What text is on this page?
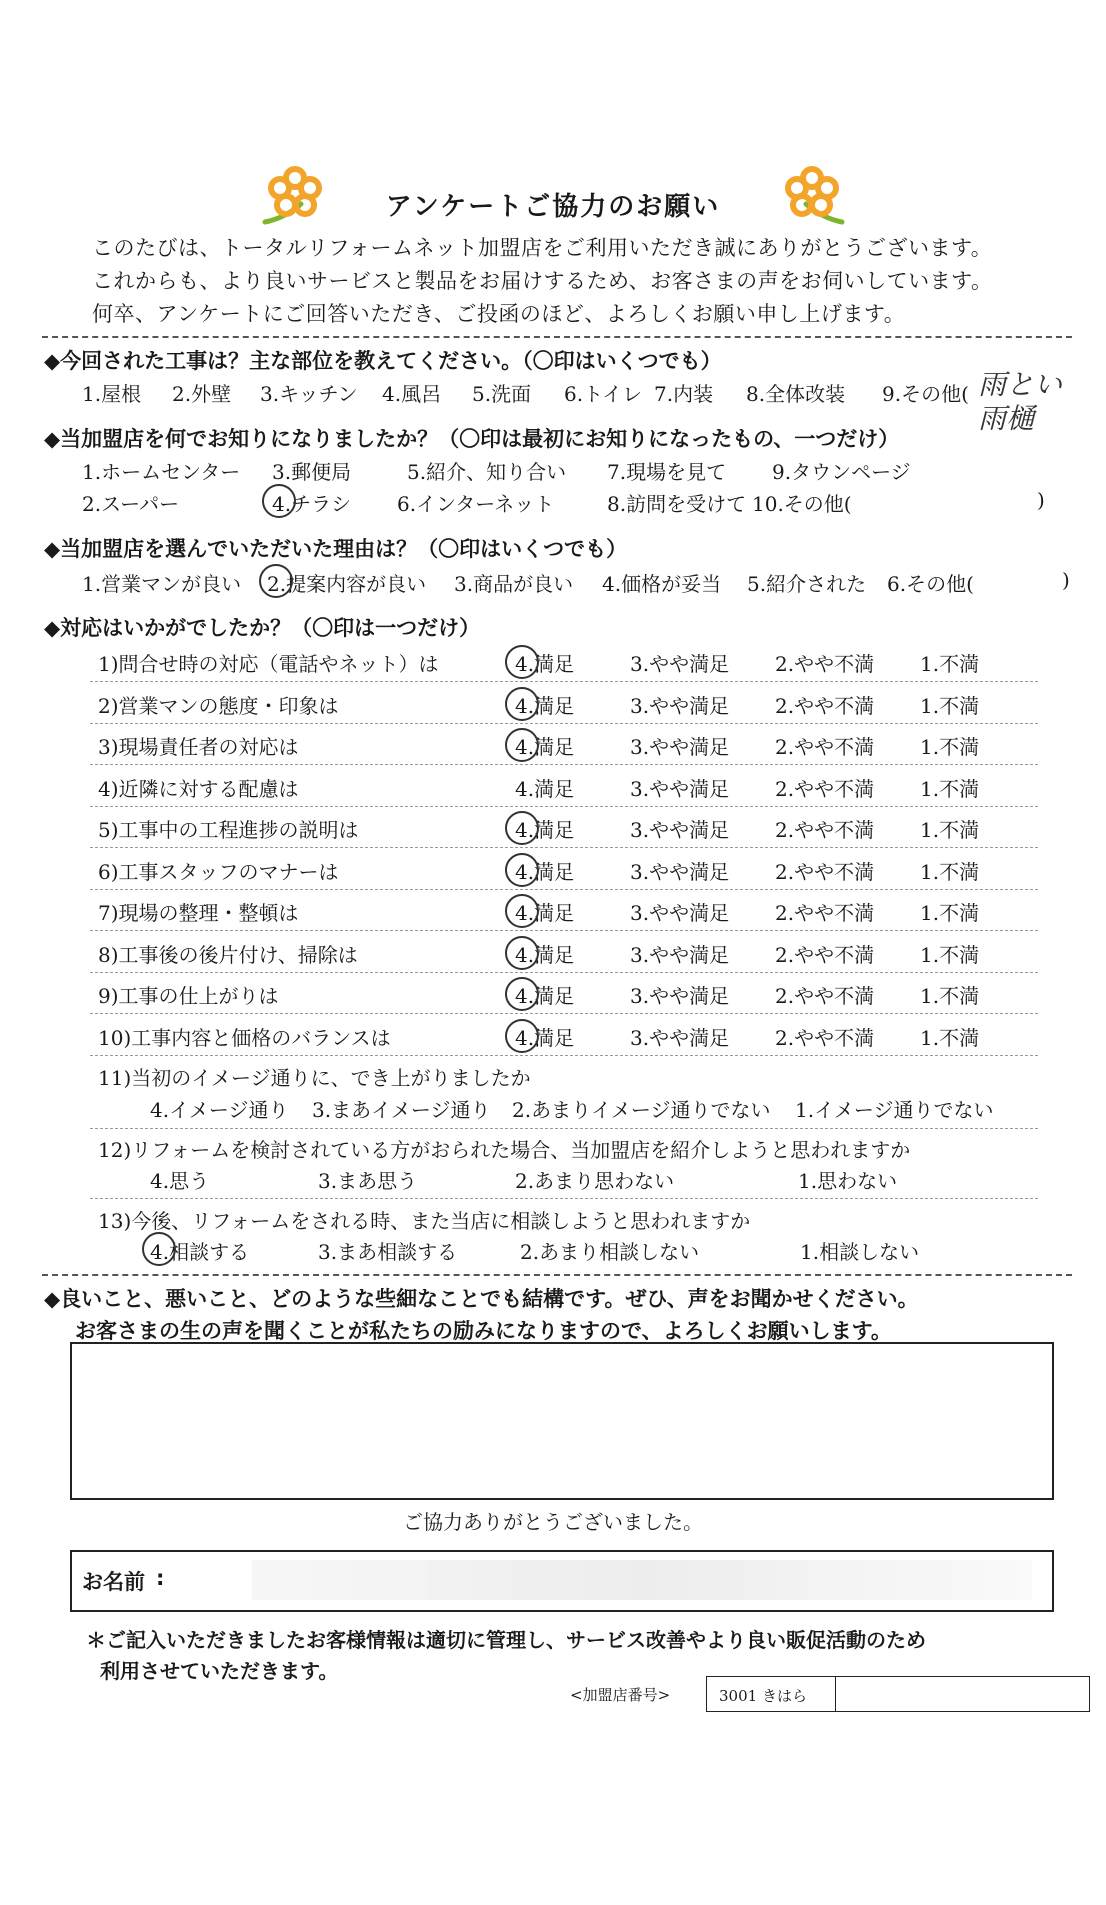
アンケートご協力のお願い
このたびは、トータルリフォームネット加盟店をご利用いただき誠にありがとうございます。
これからも、より良いサービスと製品をお届けするため、お客さまの声をお伺いしています。
何卒、アンケートにご回答いただき、ご投函のほど、よろしくお願い申し上げます。
◆今回された工事は？主な部位を教えてください。（〇印はいくつでも）
1.屋根 2.外壁 3.キッチン 4.風呂 5.洗面 6.トイレ 7.内装 8.全体改装 9.その他( 雨とい
雨樋
◆当加盟店を何でお知りになりましたか？（〇印は最初にお知りになったもの、一つだけ）
1.ホームセンター 3.郵便局	5.紹介、知り合い 7.現場を見て 9.タウンページ
2.スーパー	4.チラシ 6.インターネット	8.訪問を受けて 10.その他(	)
◆当加盟店を選んでいただいた理由は？（〇印はいくつでも）
1.営業マンが良い 2.提案内容が良い 3.商品が良い 4.価格が妥当 5.紹介された 6.その他(	)
◆対応はいかがでしたか？（〇印は一つだけ）
1)問合せ時の対応（電話やネット）は	4.満足	3.やや満足 2.やや不満 1.不満
2)営業マンの態度・印象は	4.満足	3.やや満足 2.やや不満 1.不満
3)現場責任者の対応は	4.満足	3.やや満足 2.やや不満 1.不満
4)近隣に対する配慮は	4.満足	3.やや満足 2.やや不満 1.不満
5)工事中の工程進捗の説明は	4.満足	3.やや満足 2.やや不満 1.不満
6)工事スタッフのマナーは	4.満足	3.やや満足 2.やや不満 1.不満
7)現場の整理・整頓は	4.満足	3.やや満足 2.やや不満 1.不満
8)工事後の後片付け、掃除は	4.満足	3.やや満足 2.やや不満 1.不満
9)工事の仕上がりは	4.満足	3.やや満足 2.やや不満 1.不満
10)工事内容と価格のバランスは	4.満足	3.やや満足 2.やや不満 1.不満
11)当初のイメージ通りに、でき上がりましたか
4.イメージ通り 3.まあイメージ通り 2.あまりイメージ通りでない 1.イメージ通りでない
12)リフォームを検討されている方がおられた場合、当加盟店を紹介しようと思われますか
4.思う	3.まあ思う	2.あまり思わない	1.思わない
13)今後、リフォームをされる時、また当店に相談しようと思われますか
4.相談する	3.まあ相談する	2.あまり相談しない	1.相談しない
◆良いこと、悪いこと、どのような些細なことでも結構です。ぜひ、声をお聞かせください。
お客さまの生の声を聞くことが私たちの励みになりますので、よろしくお願いします。
ご協力ありがとうございました。
お名前 :
＊ご記入いただきましたお客様情報は適切に管理し、サービス改善やより良い販促活動のため
利用させていただきます。
<加盟店番号>	3001 きはら
